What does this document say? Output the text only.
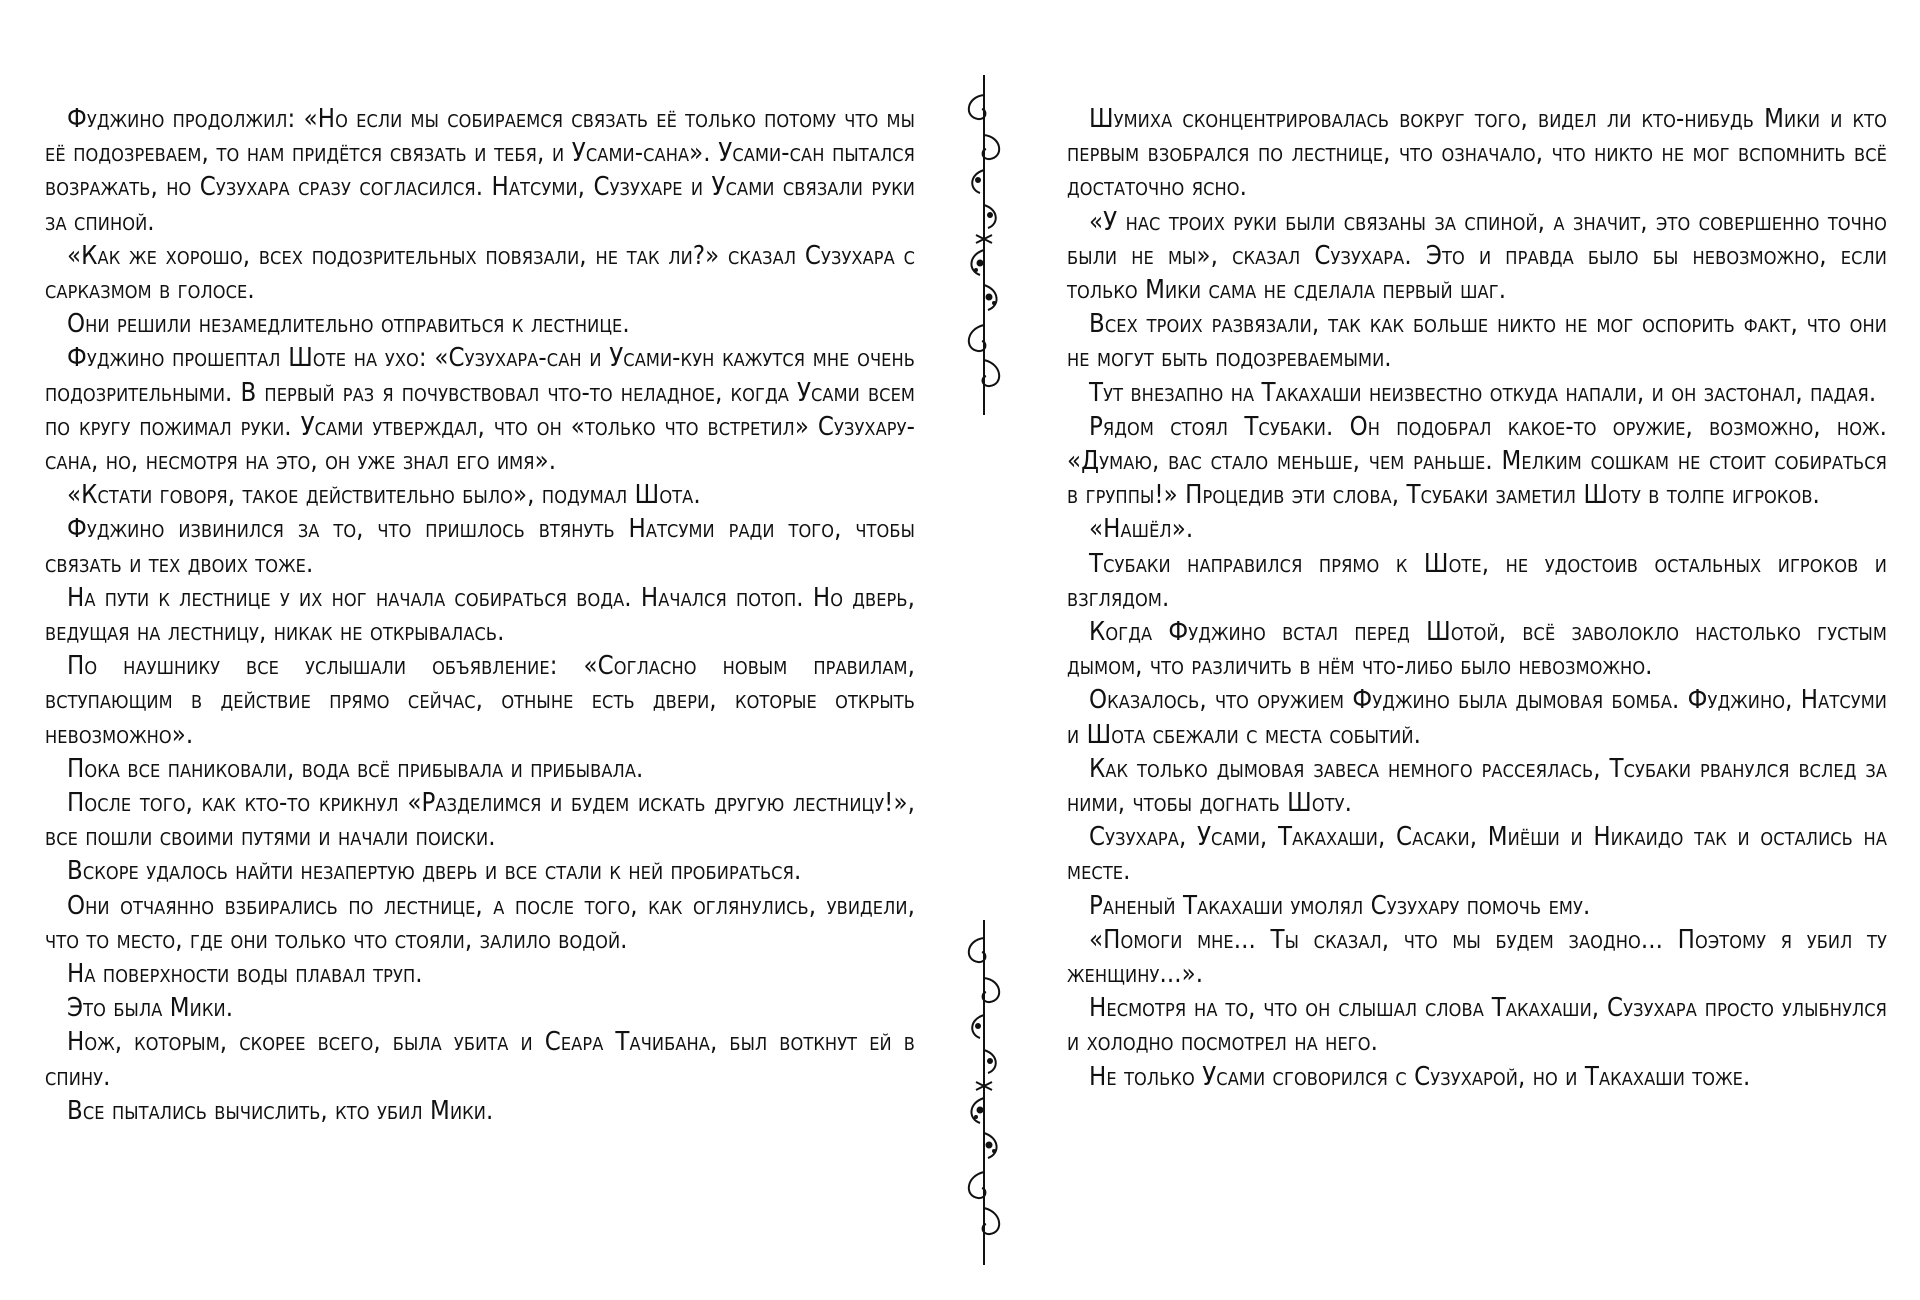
Фуджино продолжил: «Но если мы собираемся связать её только потому что мы её подозреваем, то нам придётся связать и тебя, и Усами-сана». Усами-сан пытался возражать, но Сузухара сразу согласился. Натсуми, Сузухаре и Усами связали руки за спиной.

«Как же хорошо, всех подозрительных повязали, не так ли?» сказал Сузухара с сарказмом в голосе.

Они решили незамедлительно отправиться к лестнице.

Фуджино прошептал Шоте на ухо: «Сузухара-сан и Усами-кун кажутся мне очень подозрительными. В первый раз я почувствовал что-то неладное, когда Усами всем по кругу пожимал руки. Усами утверждал, что он «только что встретил» Сузухару-сана, но, несмотря на это, он уже знал его имя».

«Кстати говоря, такое действительно было», подумал Шота.

Фуджино извинился за то, что пришлось втянуть Натсуми ради того, чтобы связать и тех двоих тоже.

На пути к лестнице у их ног начала собираться вода. Начался потоп. Но дверь, ведущая на лестницу, никак не открывалась.

По наушнику все услышали объявление: «Согласно новым правилам, вступающим в действие прямо сейчас, отныне есть двери, которые открыть невозможно».

Пока все паниковали, вода всё прибывала и прибывала.

После того, как кто-то крикнул «Разделимся и будем искать другую лестницу!», все пошли своими путями и начали поиски.

Вскоре удалось найти незапертую дверь и все стали к ней пробираться.

Они отчаянно взбирались по лестнице, а после того, как оглянулись, увидели, что то место, где они только что стояли, залило водой.

На поверхности воды плавал труп.

Это была Мики.

Нож, которым, скорее всего, была убита и Сеара Тачибана, был воткнут ей в спину.

Все пытались вычислить, кто убил Мики.

Шумиха сконцентрировалась вокруг того, видел ли кто-нибудь Мики и кто первым взобрался по лестнице, что означало, что никто не мог вспомнить всё достаточно ясно.

«У нас троих руки были связаны за спиной, а значит, это совершенно точно были не мы», сказал Сузухара. Это и правда было бы невозможно, если только Мики сама не сделала первый шаг.

Всех троих развязали, так как больше никто не мог оспорить факт, что они не могут быть подозреваемыми.

Тут внезапно на Такахаши неизвестно откуда напали, и он застонал, падая.

Рядом стоял Тсубаки. Он подобрал какое-то оружие, возможно, нож. «Думаю, вас стало меньше, чем раньше. Мелким сошкам не стоит собираться в группы!» Процедив эти слова, Тсубаки заметил Шоту в толпе игроков.

«Нашёл».

Тсубаки направился прямо к Шоте, не удостоив остальных игроков и взглядом.

Когда Фуджино встал перед Шотой, всё заволокло настолько густым дымом, что различить в нём что-либо было невозможно.

Оказалось, что оружием Фуджино была дымовая бомба. Фуджино, Натсуми и Шота сбежали с места событий.

Как только дымовая завеса немного рассеялась, Тсубаки рванулся вслед за ними, чтобы догнать Шоту.

Сузухара, Усами, Такахаши, Сасаки, Миёши и Никаидо так и остались на месте.

Раненый Такахаши умолял Сузухару помочь ему.

«Помоги мне... Ты сказал, что мы будем заодно... Поэтому я убил ту женщину...».

Несмотря на то, что он слышал слова Такахаши, Сузухара просто улыбнулся и холодно посмотрел на него.

Не только Усами сговорился с Сузухарой, но и Такахаши тоже.
